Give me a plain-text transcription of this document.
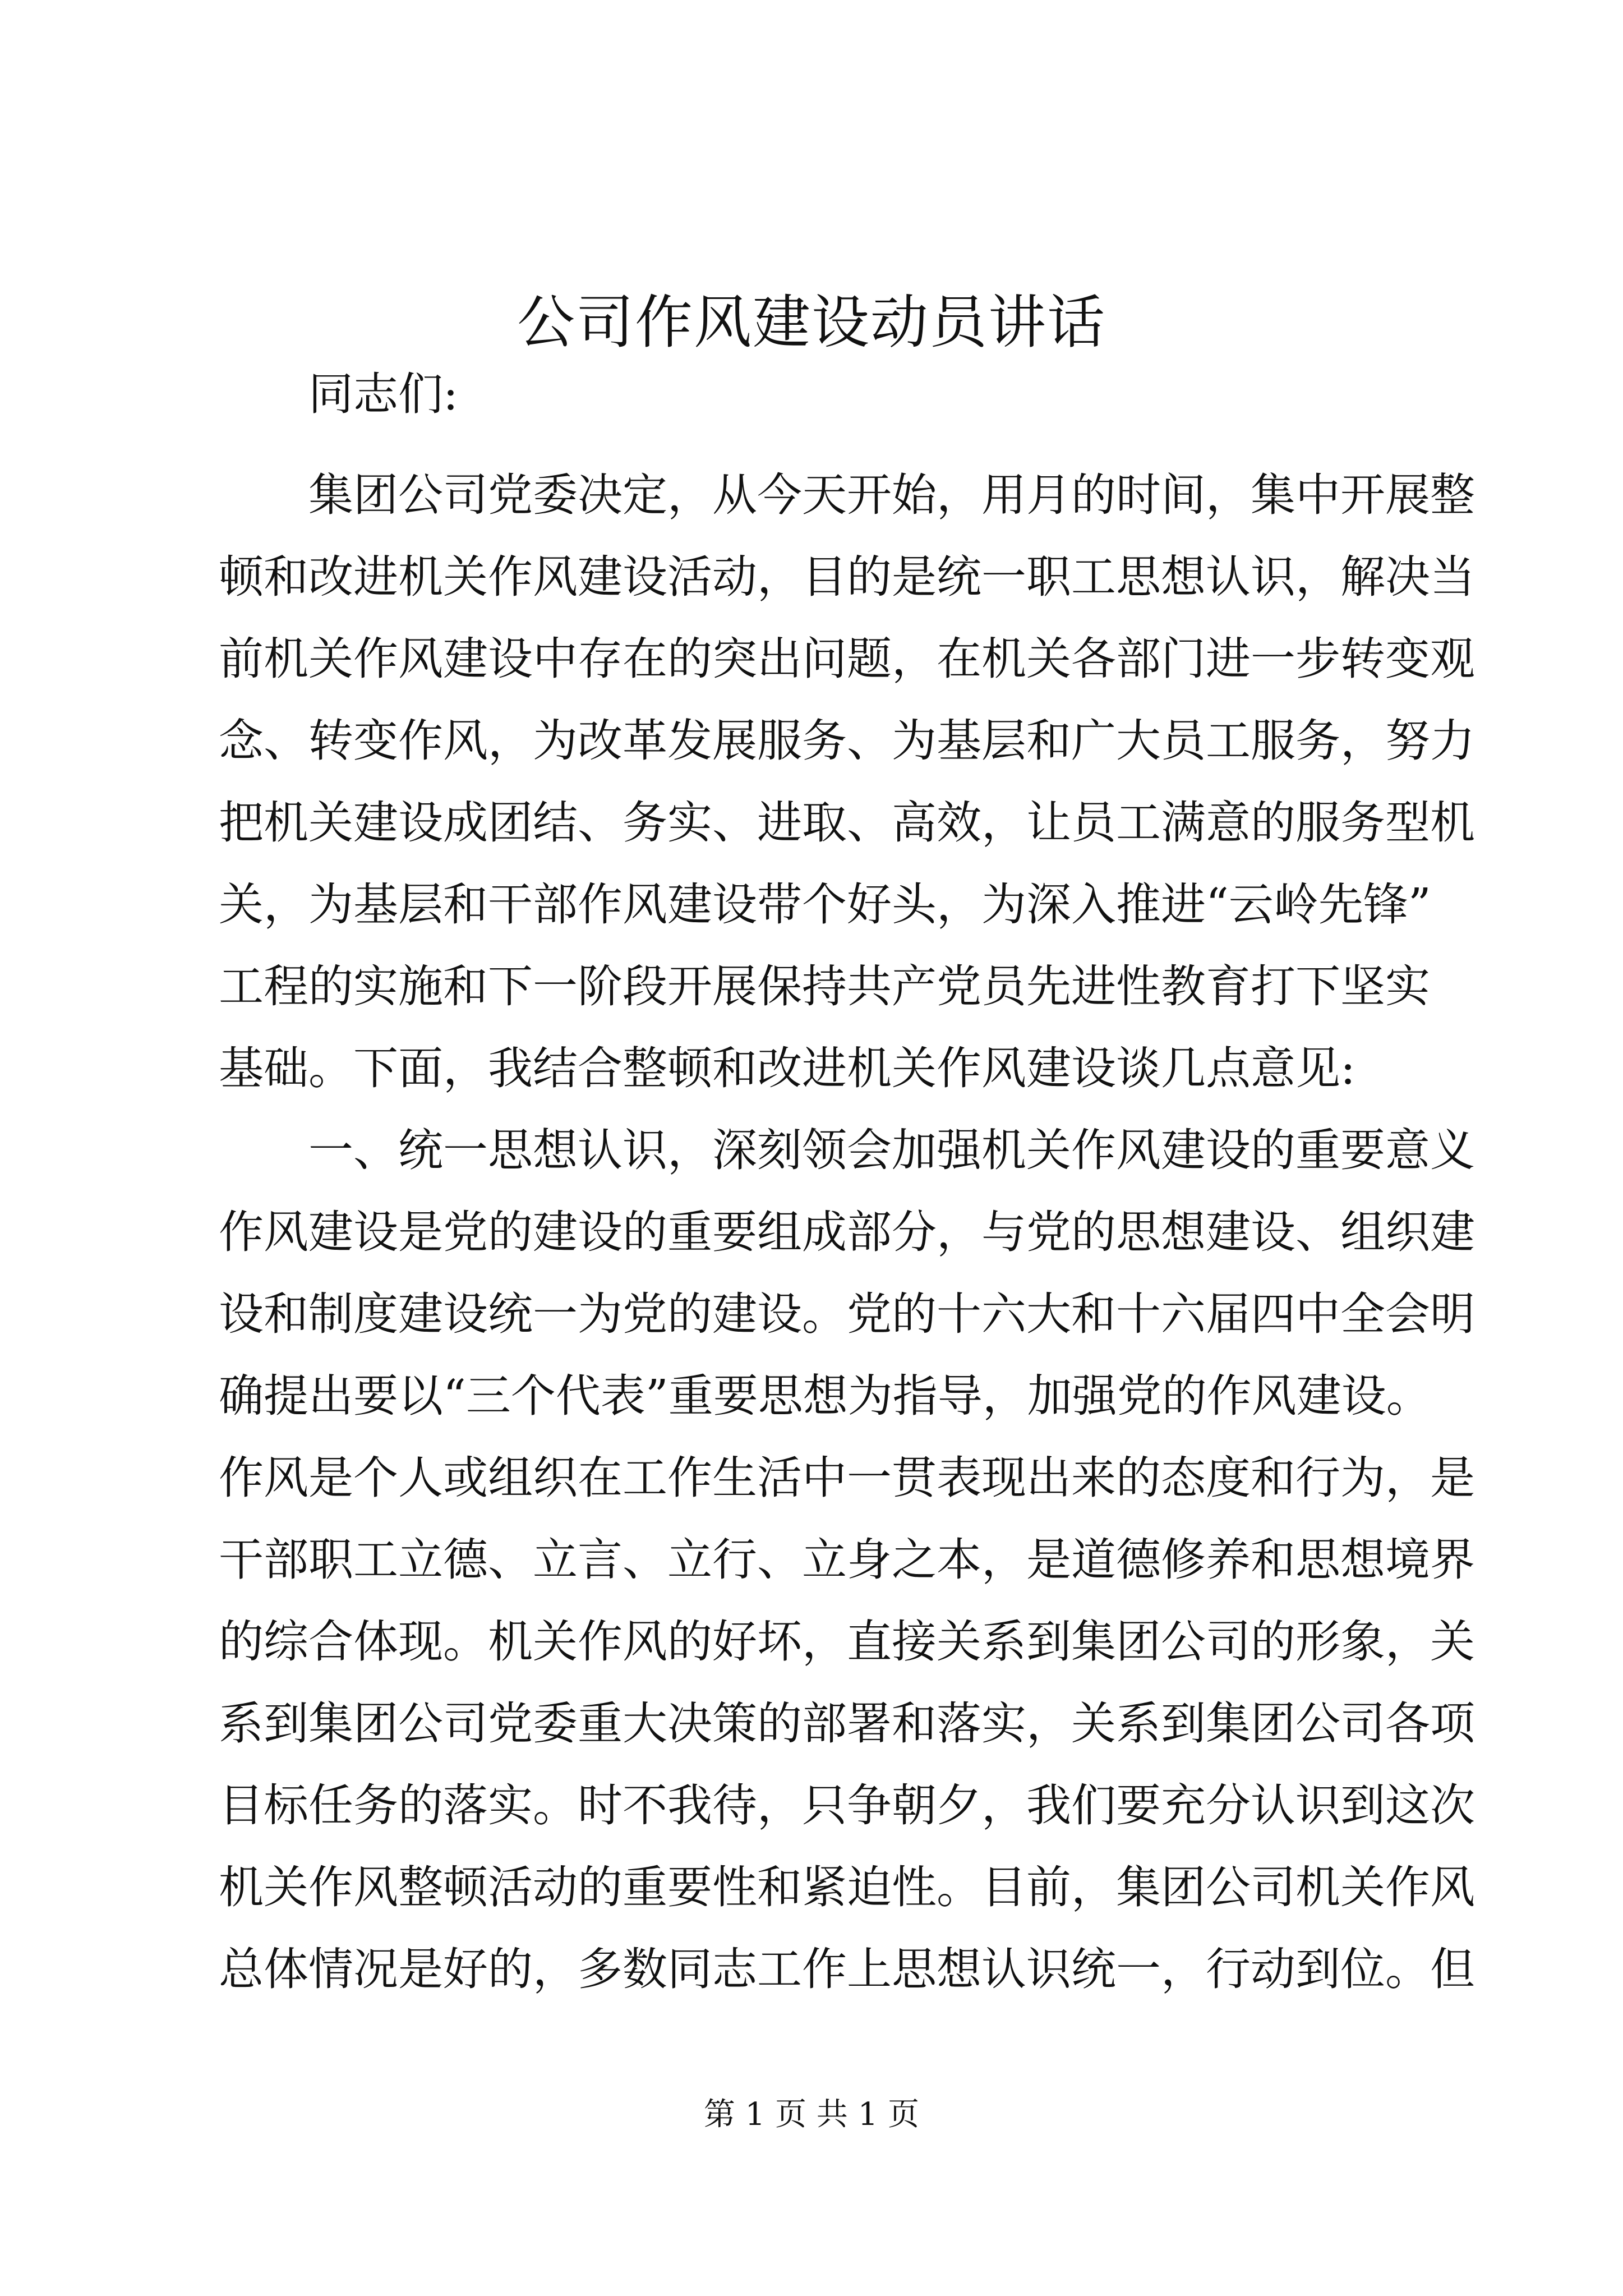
公司作风建设动员讲话

同志们:

集团公司党委决定，从今天开始，用月的时间，集中开展整

顿和改进机关作风建设活动，目的是统一职工思想认识，解决当

前机关作风建设中存在的突出问题，在机关各部门进一步转变观

念、转变作风，为改革发展服务、为基层和广大员工服务，努力

把机关建设成团结、务实、进取、高效，让员工满意的服务型机

关，为基层和干部作风建设带个好头，为深入推进“云岭先锋”

工程的实施和下一阶段开展保持共产党员先进性教育打下坚实

基础。下面，我结合整顿和改进机关作风建设谈几点意见:

一、统一思想认识，深刻领会加强机关作风建设的重要意义

作风建设是党的建设的重要组成部分，与党的思想建设、组织建

设和制度建设统一为党的建设。党的十六大和十六届四中全会明

确提出要以“三个代表”重要思想为指导，加强党的作风建设。

作风是个人或组织在工作生活中一贯表现出来的态度和行为，是

干部职工立德、立言、立行、立身之本，是道德修养和思想境界

的综合体现。机关作风的好坏，直接关系到集团公司的形象，关

系到集团公司党委重大决策的部署和落实，关系到集团公司各项

目标任务的落实。时不我待，只争朝夕，我们要充分认识到这次

机关作风整顿活动的重要性和紧迫性。目前，集团公司机关作风

总体情况是好的，多数同志工作上思想认识统一，行动到位。但

第 1 页 共 1 页
